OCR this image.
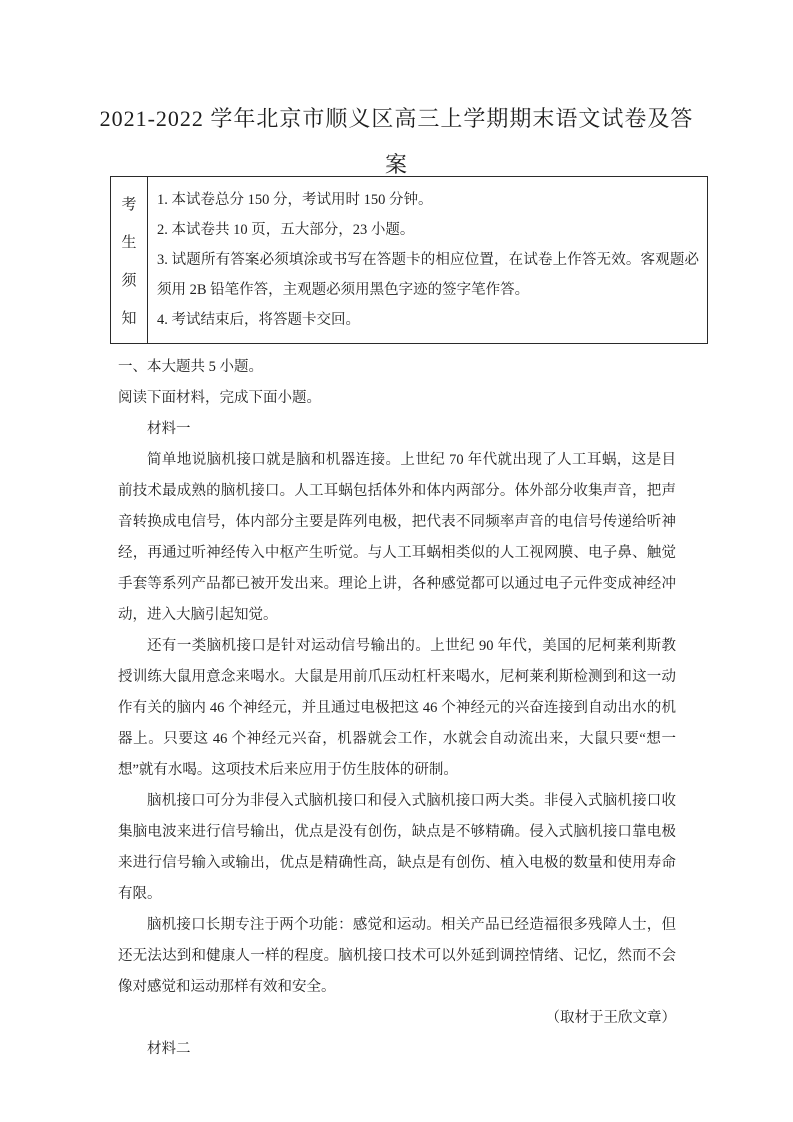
2021-2022 学年北京市顺义区高三上学期期末语文试卷及答
案
考
生
须
知

1. 本试卷总分 150 分，考试用时 150 分钟。
2. 本试卷共 10 页，五大部分，23 小题。
3. 试题所有答案必须填涂或书写在答题卡的相应位置，在试卷上作答无效。客观题必须用 2B 铅笔作答，主观题必须用黑色字迹的签字笔作答。
4. 考试结束后，将答题卡交回。

一、本大题共 5 小题。

阅读下面材料，完成下面小题。

材料一

简单地说脑机接口就是脑和机器连接。上世纪 70 年代就出现了人工耳蜗，这是目前技术最成熟的脑机接口。人工耳蜗包括体外和体内两部分。体外部分收集声音，把声音转换成电信号，体内部分主要是阵列电极，把代表不同频率声音的电信号传递给听神经，再通过听神经传入中枢产生听觉。与人工耳蜗相类似的人工视网膜、电子鼻、触觉手套等系列产品都已被开发出来。理论上讲，各种感觉都可以通过电子元件变成神经冲动，进入大脑引起知觉。

还有一类脑机接口是针对运动信号输出的。上世纪 90 年代，美国的尼柯莱利斯教授训练大鼠用意念来喝水。大鼠是用前爪压动杠杆来喝水，尼柯莱利斯检测到和这一动作有关的脑内 46 个神经元，并且通过电极把这 46 个神经元的兴奋连接到自动出水的机器上。只要这 46 个神经元兴奋，机器就会工作，水就会自动流出来，大鼠只要“想一想”就有水喝。这项技术后来应用于仿生肢体的研制。

脑机接口可分为非侵入式脑机接口和侵入式脑机接口两大类。非侵入式脑机接口收集脑电波来进行信号输出，优点是没有创伤，缺点是不够精确。侵入式脑机接口靠电极来进行信号输入或输出，优点是精确性高，缺点是有创伤、植入电极的数量和使用寿命有限。

脑机接口长期专注于两个功能：感觉和运动。相关产品已经造福很多残障人士，但还无法达到和健康人一样的程度。脑机接口技术可以外延到调控情绪、记忆，然而不会像对感觉和运动那样有效和安全。

（取材于王欣文章）

材料二
